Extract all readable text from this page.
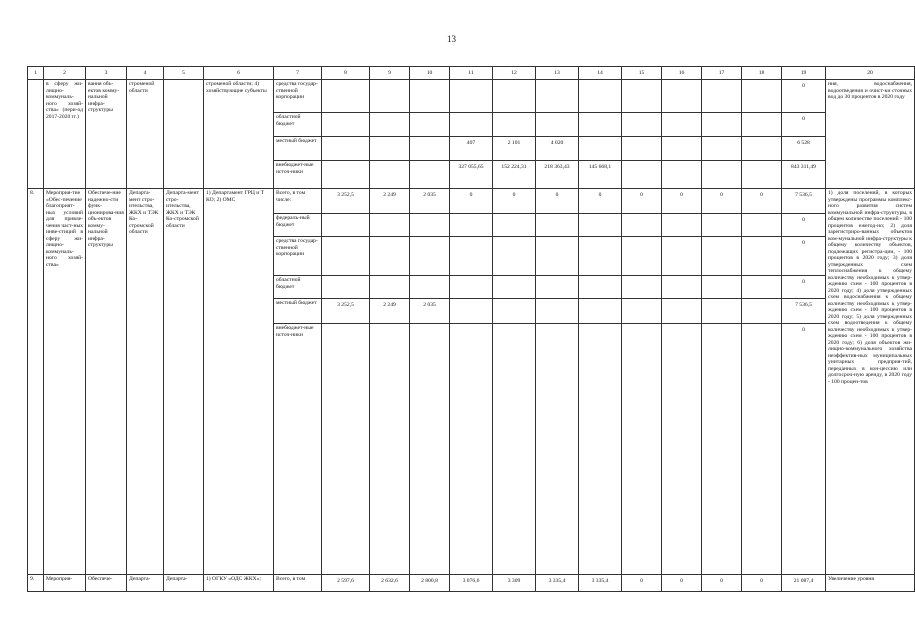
13
1	2	3	4	5	6	7	8	9	10	11	12	13	14	15	16	17	18	19	20
	в сферу жи-лищно-коммуналь-ного хозяй-ства» (пери-од 2017-2020 гг.)	вания объ-ектов комму-нальной инфра-структуры	строменой области		строменой области; 4) хозяйствующие субъекты	средства государ-ственной корпорации												0	ния, водоснабжения, водоотведения и очист-ки сточных вод до 30 процентов в 2020 году
						областной бюджет												0	
						местный бюджет				407	2 101	4 020						6 528	
						внебюджет-ные источ-ники				327 055,65	152 224,31	218 363,43	145 668,1					843 311,49	
8.	Мероприя-тие «Обес-печение благоприят-ных условий для привле-чения част-ных инве-стиций в сферу жи-лищно-коммуналь-ного хозяй-ства»	Обеспече-ние надежно-сти функ-ционирова-ния объ-ектов комму-нальной инфра-структуры	Департа-мент стро-ительства, ЖКХ и ТЭК Ко-стромской области	Департа-мент стро-ительства, ЖКХ и ТЭК Ко-стромской области	1) Департамент ГРЦ и Т КО; 2) ОМС	Всего, в том числе:	3 252,5	2 249	2 035	0	0	0	0	0	0	0	0	7 536,5	1) доля поселений, в которых утверждены программы комплекс-ного развития систем коммунальной инфра-структуры, в общем количестве поселений - 100 процентов ежегод-но; 2) доля зарегистриро-ванных объектов ком-мунальной инфра-структуры к общему количеству объектов, подлежащих регистра-ции, - 100 процентов в 2020 году; 3) доля утвержденных схем теплоснабжения к общему количеству необходимых к утвер-ждению схем - 100 процентов в 2020 году; 4) доля утвержденных схем водоснабжения к общему количеству необходимых к утвер-ждению схем - 100 процентов в 2020 году; 5) доля утвержденных схем водоотведения к общему количеству необходимых к утвер-ждению схем - 100 процентов в 2020 году; 6) доля объектов жи-лищно-коммунального хозяйства неэффектив-ных муниципальных унитарных предприя-тий, переданных в кон-цессию или долгосроч-ную аренду, в 2020 году - 100 процен-тов
						федераль-ный бюджет												0	
						средства государ-ственной корпорации												0	
						областной бюджет												0	
						местный бюджет	3 252,5	2 249	2 035									7 536,5	
						внебюджет-ные источ-ники												0	
9.	Мероприя-	Обеспече-	Департа-	Департа-	1) ОГКУ «ОДС ЖКХ»;	Всего, в том	2 597,6	2 632,6	2 800,8	3 076,6	3 309	3 335,4	3 335,4	0	0	0	0	21 087,4	Увеличение уровня
